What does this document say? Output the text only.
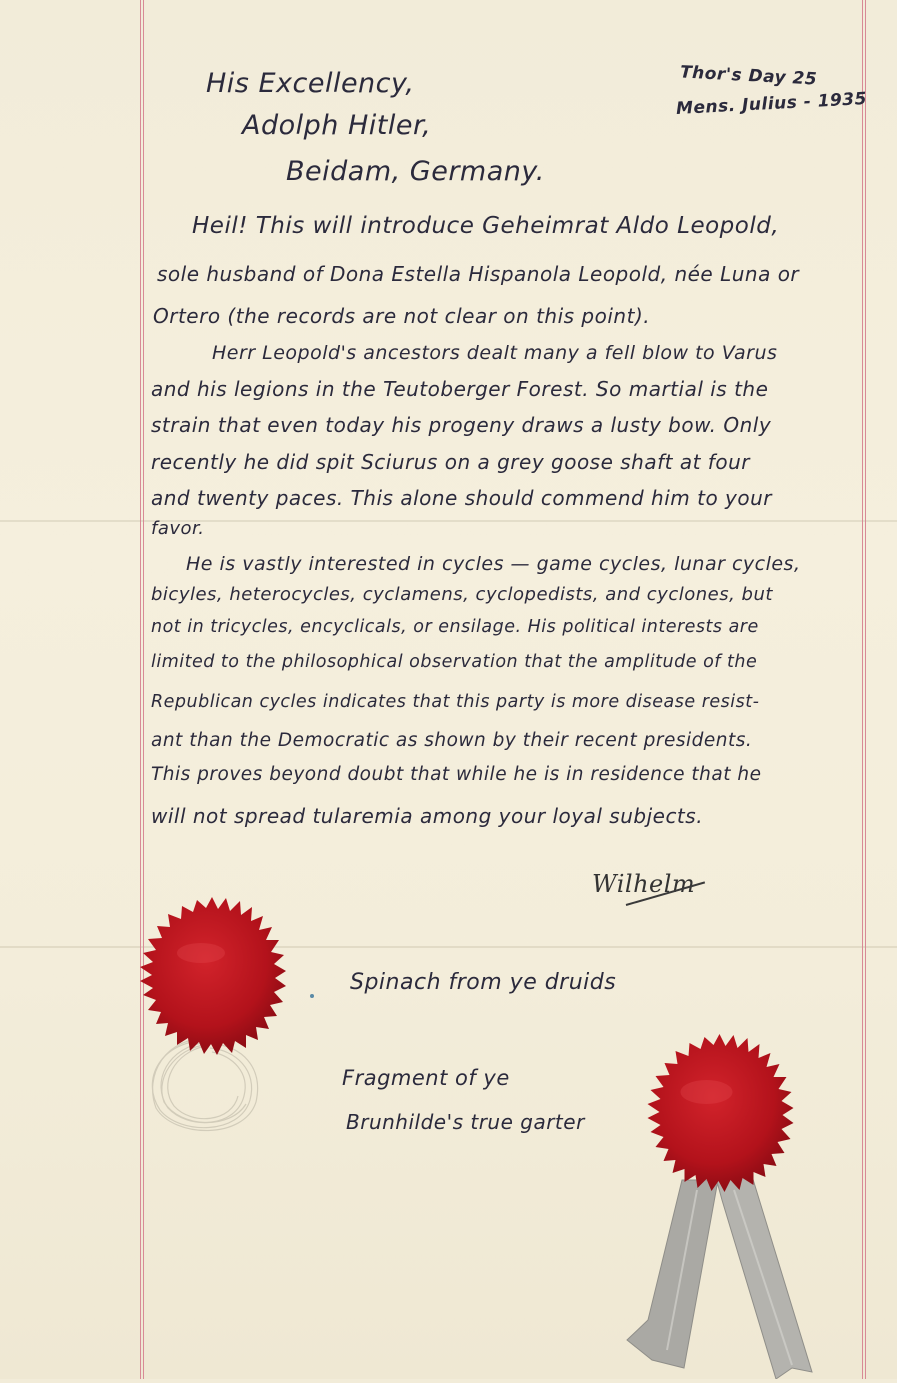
Thor's Day 25
Mens. Julius - 1935
His Excellency,
Adolph Hitler,
Beidam, Germany.
Heil! This will introduce Geheimrat Aldo Leopold,
sole husband of Dona Estella Hispanola Leopold, née Luna or
Ortero (the records are not clear on this point).
Herr Leopold's ancestors dealt many a fell blow to Varus
and his legions in the Teutoberger Forest. So martial is the
strain that even today his progeny draws a lusty bow. Only
recently he did spit Sciurus on a grey goose shaft at four
and twenty paces. This alone should commend him to your
favor.
He is vastly interested in cycles — game cycles, lunar cycles,
bicyles, heterocycles, cyclamens, cyclopedists, and cyclones, but
not in tricycles, encyclicals, or ensilage. His political interests are
limited to the philosophical observation that the amplitude of the
Republican cycles indicates that this party is more disease resist-
ant than the Democratic as shown by their recent presidents.
This proves beyond doubt that while he is in residence that he
will not spread tularemia among your loyal subjects.
Wilhelm
Spinach from ye druids
Fragment of ye
Brunhilde's true garter
